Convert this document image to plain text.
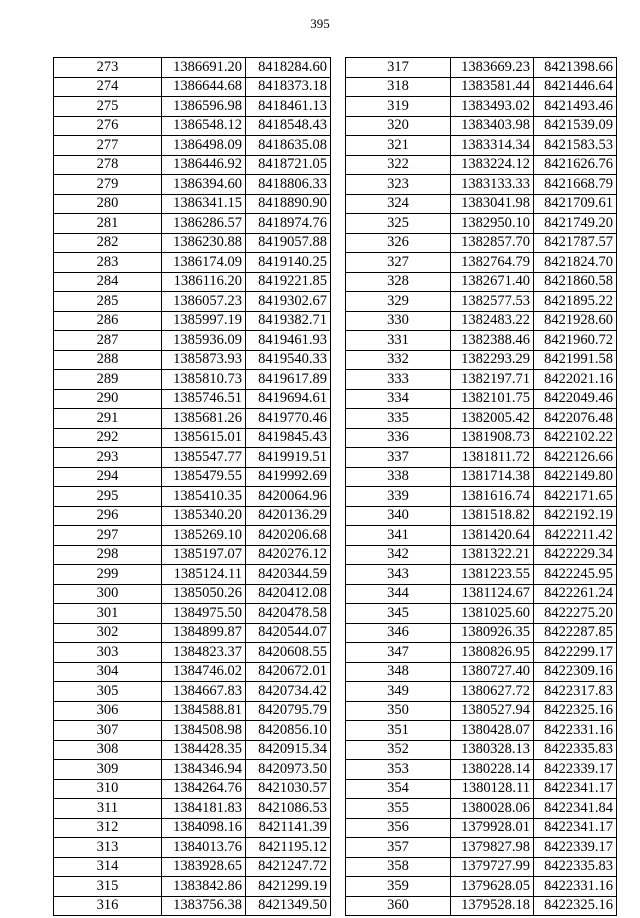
395
273	1386691.20	8418284.60
274	1386644.68	8418373.18
275	1386596.98	8418461.13
276	1386548.12	8418548.43
277	1386498.09	8418635.08
278	1386446.92	8418721.05
279	1386394.60	8418806.33
280	1386341.15	8418890.90
281	1386286.57	8418974.76
282	1386230.88	8419057.88
283	1386174.09	8419140.25
284	1386116.20	8419221.85
285	1386057.23	8419302.67
286	1385997.19	8419382.71
287	1385936.09	8419461.93
288	1385873.93	8419540.33
289	1385810.73	8419617.89
290	1385746.51	8419694.61
291	1385681.26	8419770.46
292	1385615.01	8419845.43
293	1385547.77	8419919.51
294	1385479.55	8419992.69
295	1385410.35	8420064.96
296	1385340.20	8420136.29
297	1385269.10	8420206.68
298	1385197.07	8420276.12
299	1385124.11	8420344.59
300	1385050.26	8420412.08
301	1384975.50	8420478.58
302	1384899.87	8420544.07
303	1384823.37	8420608.55
304	1384746.02	8420672.01
305	1384667.83	8420734.42
306	1384588.81	8420795.79
307	1384508.98	8420856.10
308	1384428.35	8420915.34
309	1384346.94	8420973.50
310	1384264.76	8421030.57
311	1384181.83	8421086.53
312	1384098.16	8421141.39
313	1384013.76	8421195.12
314	1383928.65	8421247.72
315	1383842.86	8421299.19
316	1383756.38	8421349.50
317	1383669.23	8421398.66
318	1383581.44	8421446.64
319	1383493.02	8421493.46
320	1383403.98	8421539.09
321	1383314.34	8421583.53
322	1383224.12	8421626.76
323	1383133.33	8421668.79
324	1383041.98	8421709.61
325	1382950.10	8421749.20
326	1382857.70	8421787.57
327	1382764.79	8421824.70
328	1382671.40	8421860.58
329	1382577.53	8421895.22
330	1382483.22	8421928.60
331	1382388.46	8421960.72
332	1382293.29	8421991.58
333	1382197.71	8422021.16
334	1382101.75	8422049.46
335	1382005.42	8422076.48
336	1381908.73	8422102.22
337	1381811.72	8422126.66
338	1381714.38	8422149.80
339	1381616.74	8422171.65
340	1381518.82	8422192.19
341	1381420.64	8422211.42
342	1381322.21	8422229.34
343	1381223.55	8422245.95
344	1381124.67	8422261.24
345	1381025.60	8422275.20
346	1380926.35	8422287.85
347	1380826.95	8422299.17
348	1380727.40	8422309.16
349	1380627.72	8422317.83
350	1380527.94	8422325.16
351	1380428.07	8422331.16
352	1380328.13	8422335.83
353	1380228.14	8422339.17
354	1380128.11	8422341.17
355	1380028.06	8422341.84
356	1379928.01	8422341.17
357	1379827.98	8422339.17
358	1379727.99	8422335.83
359	1379628.05	8422331.16
360	1379528.18	8422325.16
